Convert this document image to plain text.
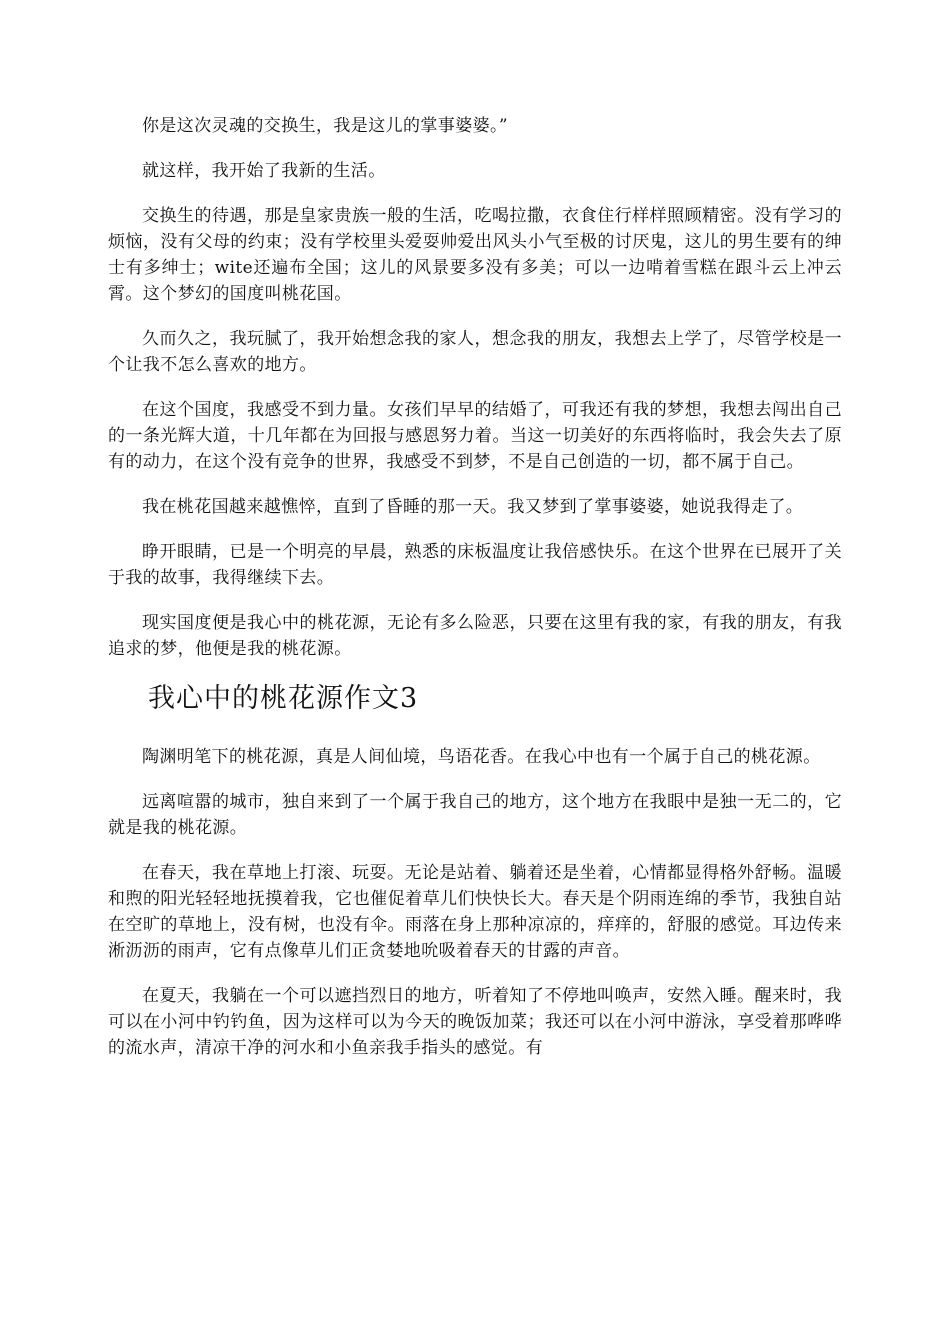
你是这次灵魂的交换生，我是这儿的掌事婆婆。”

就这样，我开始了我新的生活。

交换生的待遇，那是皇家贵族一般的生活，吃喝拉撒，衣食住行样样照顾精密。没有学习的烦恼，没有父母的约束；没有学校里头爱耍帅爱出风头小气至极的讨厌鬼，这儿的男生要有的绅士有多绅士；wite还遍布全国；这儿的风景要多没有多美；可以一边啃着雪糕在跟斗云上冲云霄。这个梦幻的国度叫桃花国。

久而久之，我玩腻了，我开始想念我的家人，想念我的朋友，我想去上学了，尽管学校是一个让我不怎么喜欢的地方。

在这个国度，我感受不到力量。女孩们早早的结婚了，可我还有我的梦想，我想去闯出自己的一条光辉大道，十几年都在为回报与感恩努力着。当这一切美好的东西将临时，我会失去了原有的动力，在这个没有竞争的世界，我感受不到梦，不是自己创造的一切，都不属于自己。

我在桃花国越来越憔悴，直到了昏睡的那一天。我又梦到了掌事婆婆，她说我得走了。

睁开眼睛，已是一个明亮的早晨，熟悉的床板温度让我倍感快乐。在这个世界在已展开了关于我的故事，我得继续下去。

现实国度便是我心中的桃花源，无论有多么险恶，只要在这里有我的家，有我的朋友，有我追求的梦，他便是我的桃花源。

我心中的桃花源作文3

陶渊明笔下的桃花源，真是人间仙境，鸟语花香。在我心中也有一个属于自己的桃花源。

远离喧嚣的城市，独自来到了一个属于我自己的地方，这个地方在我眼中是独一无二的，它就是我的桃花源。

在春天，我在草地上打滚、玩耍。无论是站着、躺着还是坐着，心情都显得格外舒畅。温暖和煦的阳光轻轻地抚摸着我，它也催促着草儿们快快长大。春天是个阴雨连绵的季节，我独自站在空旷的草地上，没有树，也没有伞。雨落在身上那种凉凉的，痒痒的，舒服的感觉。耳边传来淅沥沥的雨声，它有点像草儿们正贪婪地吮吸着春天的甘露的声音。

在夏天，我躺在一个可以遮挡烈日的地方，听着知了不停地叫唤声，安然入睡。醒来时，我可以在小河中钓钓鱼，因为这样可以为今天的晚饭加菜；我还可以在小河中游泳，享受着那哗哗的流水声，清凉干净的河水和小鱼亲我手指头的感觉。有
